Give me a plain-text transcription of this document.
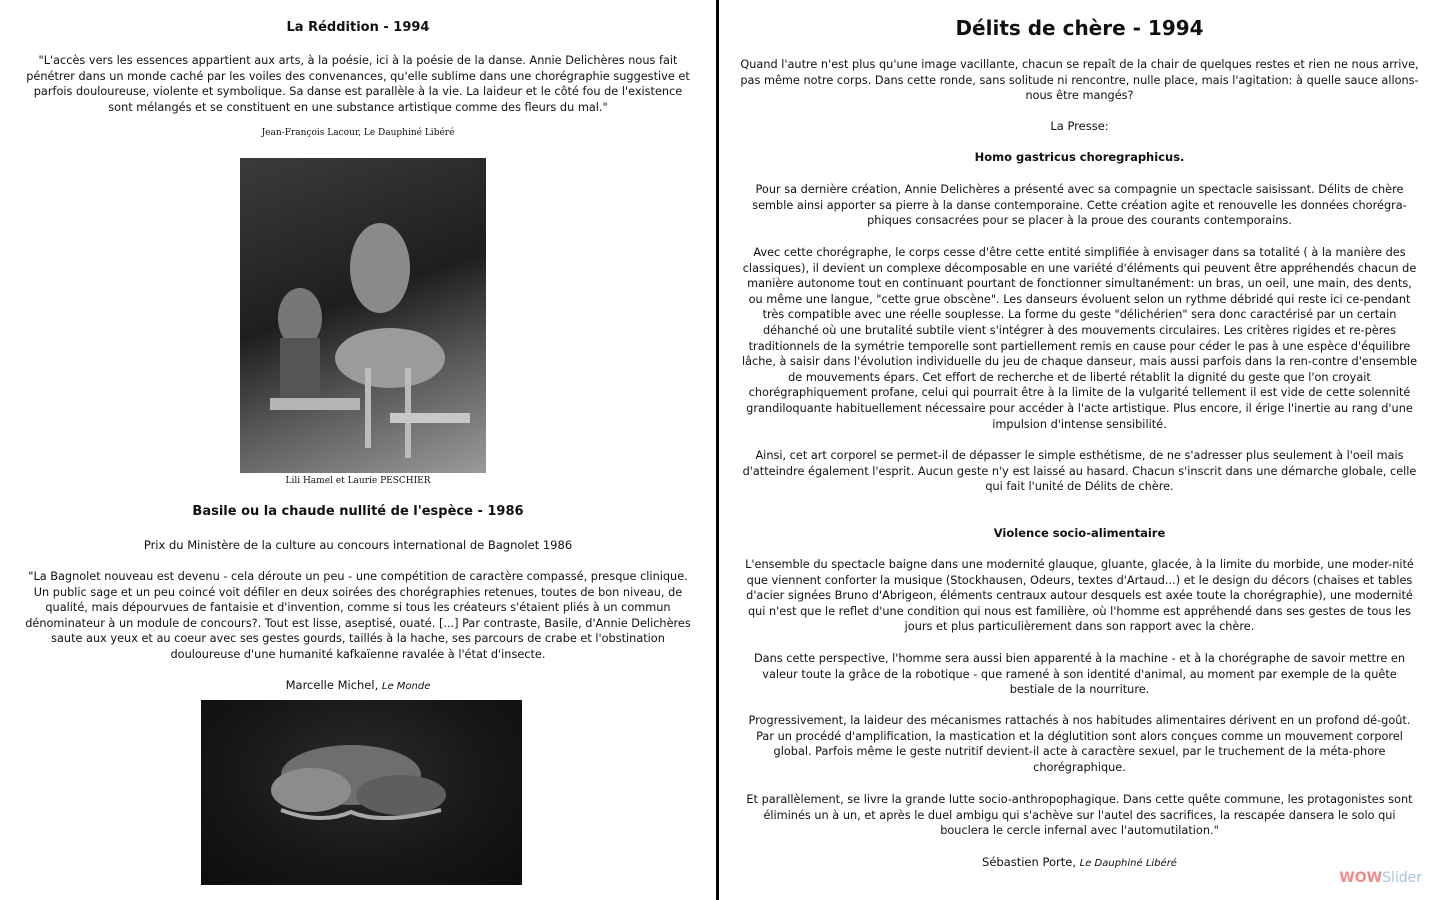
La Réddition - 1994

"L'accès vers les essences appartient aux arts, à la poésie, ici à la poésie de la danse. Annie Delichères nous fait pénétrer dans un monde caché par les voiles des convenances, qu'elle sublime dans une chorégraphie suggestive et parfois douloureuse, violente et symbolique. Sa danse est parallèle à la vie. La laideur et le côté fou de l'existence sont mélangés et se constituent en une substance artistique comme des fleurs du mal."

Jean-François Lacour, Le Dauphiné Libéré
Lili Hamel et Laurie PESCHIER
Basile ou la chaude nullité de l'espèce - 1986
Prix du Ministère de la culture au concours international de Bagnolet 1986

"La Bagnolet nouveau est devenu - cela déroute un peu - une compétition de caractère compassé, presque clinique. Un public sage et un peu coincé voit défiler en deux soirées des chorégraphies retenues, toutes de bon niveau, de qualité, mais dépourvues de fantaisie et d'invention, comme si tous les créateurs s'étaient pliés à un commun dénominateur à un module de concours?. Tout est lisse, aseptisé, ouaté. [...] Par contraste, Basile, d'Annie Delichères saute aux yeux et au coeur avec ses gestes gourds, taillés à la hache, ses parcours de crabe et l'obstination douloureuse d'une humanité kafkaïenne ravalée à l'état d'insecte.

Marcelle Michel, Le Monde
Délits de chère - 1994

Quand l'autre n'est plus qu'une image vacillante, chacun se repaît de la chair de quelques restes et rien ne nous arrive, pas même notre corps. Dans cette ronde, sans solitude ni rencontre, nulle place, mais l'agitation: à quelle sauce allons-nous être mangés?

La Presse:
Homo gastricus choregraphicus.

Pour sa dernière création, Annie Delichères a présenté avec sa compagnie un spectacle saisissant. Délits de chère semble ainsi apporter sa pierre à la danse contemporaine. Cette création agite et renouvelle les données chorégra-phiques consacrées pour se placer à la proue des courants contemporains.

Avec cette chorégraphe, le corps cesse d'être cette entité simplifiée à envisager dans sa totalité ( à la manière des classiques), il devient un complexe décomposable en une variété d'éléments qui peuvent être appréhendés chacun de manière autonome tout en continuant pourtant de fonctionner simultanément: un bras, un oeil, une main, des dents, ou même une langue, "cette grue obscène". Les danseurs évoluent selon un rythme débridé qui reste ici ce-pendant très compatible avec une réelle souplesse. La forme du geste "délichérien" sera donc caractérisé par un certain déhanché où une brutalité subtile vient s'intégrer à des mouvements circulaires. Les critères rigides et re-pères traditionnels de la symétrie temporelle sont partiellement remis en cause pour céder le pas à une espèce d'équilibre lâche, à saisir dans l'évolution individuelle du jeu de chaque danseur, mais aussi parfois dans la ren-contre d'ensemble de mouvements épars. Cet effort de recherche et de liberté rétablit la dignité du geste que l'on croyait chorégraphiquement profane, celui qui pourrait être à la limite de la vulgarité tellement il est vide de cette solennité grandiloquante habituellement nécessaire pour accéder à l'acte artistique. Plus encore, il érige l'inertie au rang d'une impulsion d'intense sensibilité.

Ainsi, cet art corporel se permet-il de dépasser le simple esthétisme, de ne s'adresser plus seulement à l'oeil mais d'atteindre également l'esprit. Aucun geste n'y est laissé au hasard. Chacun s'inscrit dans une démarche globale, celle qui fait l'unité de Délits de chère.

Violence socio-alimentaire

L'ensemble du spectacle baigne dans une modernité glauque, gluante, glacée, à la limite du morbide, une moder-nité que viennent conforter la musique (Stockhausen, Odeurs, textes d'Artaud...) et le design du décors (chaises et tables d'acier signées Bruno d'Abrigeon, éléments centraux autour desquels est axée toute la chorégraphie), une modernité qui n'est que le reflet d'une condition qui nous est familière, où l'homme est appréhendé dans ses gestes de tous les jours et plus particulièrement dans son rapport avec la chère.

Dans cette perspective, l'homme sera aussi bien apparenté à la machine - et à la chorégraphe de savoir mettre en valeur toute la grâce de la robotique - que ramené à son identité d'animal, au moment par exemple de la quête bestiale de la nourriture.

Progressivement, la laideur des mécanismes rattachés à nos habitudes alimentaires dérivent en un profond dé-goût. Par un procédé d'amplification, la mastication et la déglutition sont alors conçues comme un mouvement corporel global. Parfois même le geste nutritif devient-il acte à caractère sexuel, par le truchement de la méta-phore chorégraphique.

Et parallèlement, se livre la grande lutte socio-anthropophagique. Dans cette quête commune, les protagonistes sont éliminés un à un, et après le duel ambigu qui s'achève sur l'autel des sacrifices, la rescapée dansera le solo qui bouclera le cercle infernal avec l'automutilation."

Sébastien Porte, Le Dauphiné Libéré
WOWSlider
